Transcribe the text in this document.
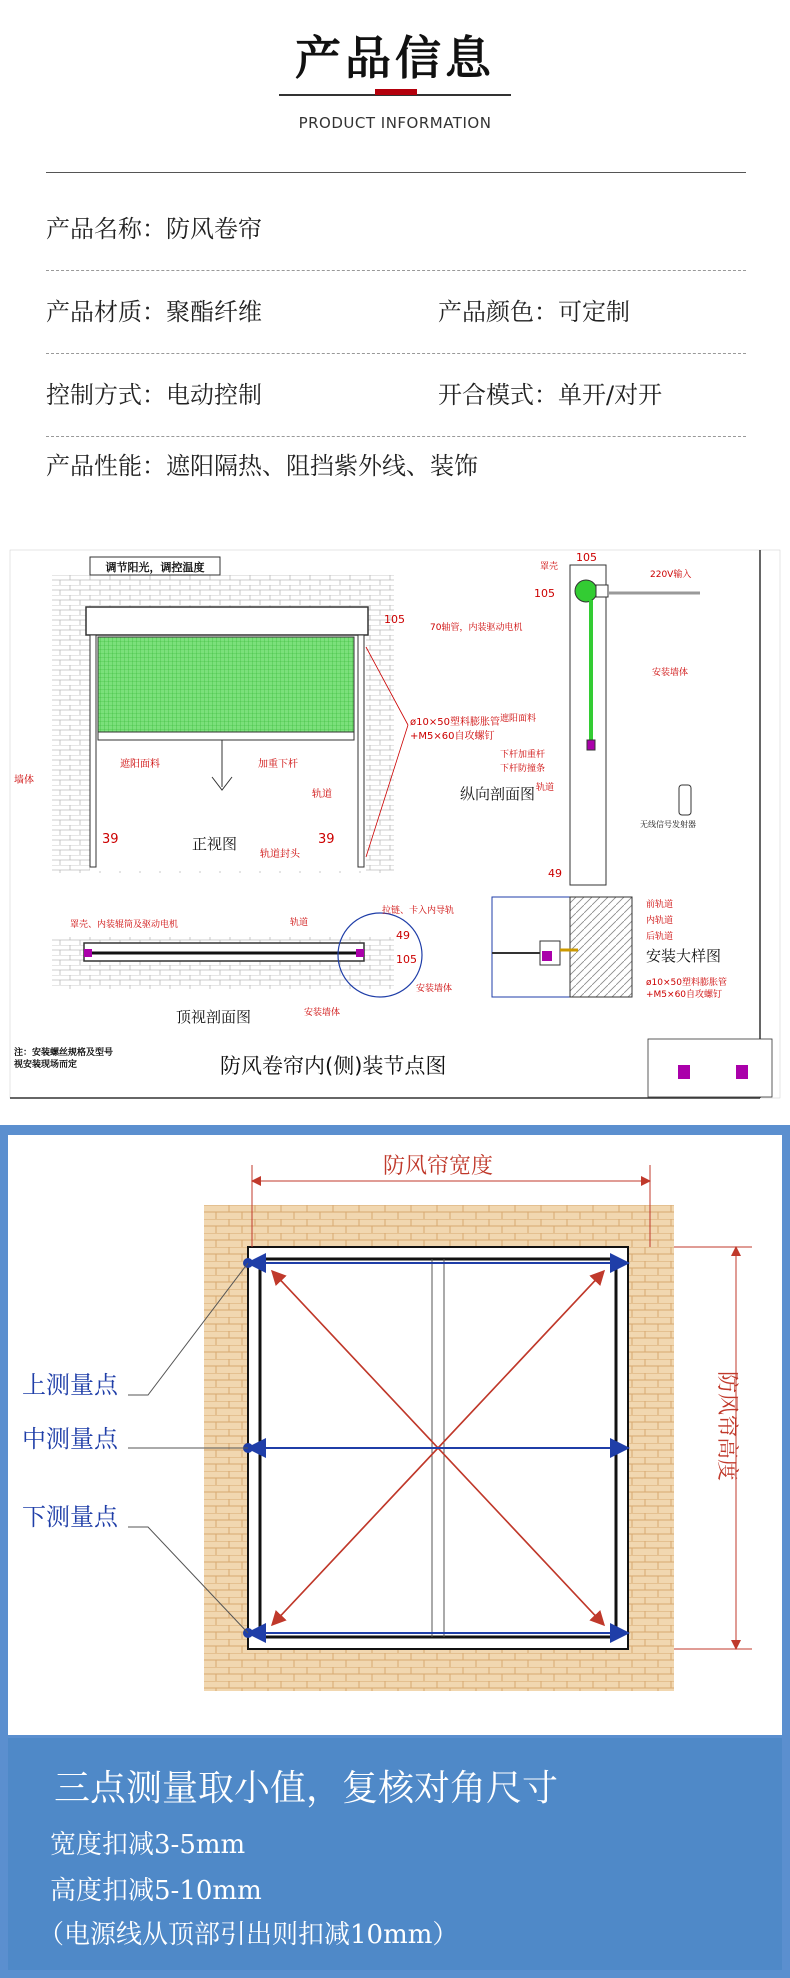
产品信息
PRODUCT INFORMATION
产品名称：防风卷帘
产品材质：聚酯纤维	产品颜色：可定制
控制方式：电动控制	开合模式：单开/对开
产品性能：遮阳隔热、阻挡紫外线、装饰
调节阳光，调控温度
105
39	39
正视图
遮阳面料	加重下杆
墙体
轨道
轨道封头
ø10×50塑料膨胀管
+M5×60自攻螺钉
105
105
49
罩壳
70轴管，内装驱动电机
220V输入
安装墙体
遮阳面料
下杆加重杆
下杆防撞条
轨道
纵向剖面图
无线信号发射器
罩壳、内装辊筒及驱动电机	轨道
拉链、卡入内导轨
49
105
安装墙体
安装墙体
顶视剖面图
前轨道
内轨道
后轨道
安装大样图
ø10×50塑料膨胀管
+M5×60自攻螺钉
注：安装螺丝规格及型号
视安装现场而定	防风卷帘内(侧)装节点图
防风帘宽度
防风帘高度
上测量点
中测量点
下测量点
三点测量取小值，复核对角尺寸
宽度扣减3-5mm
高度扣减5-10mm
（电源线从顶部引出则扣减10mm）
